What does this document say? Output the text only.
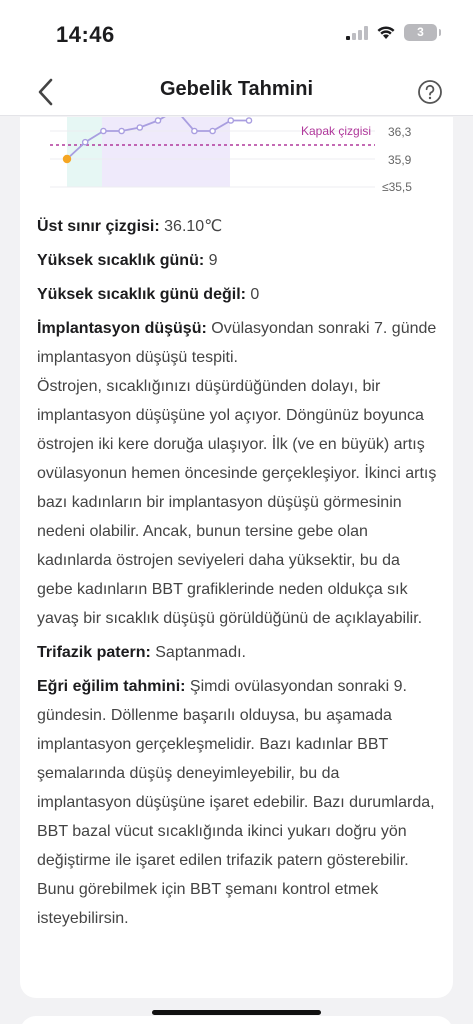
14:46	3
Gebelik Tahmini
Kapak çizgisi 36,3
35,9
≤35,5
Üst sınır çizgisi: 36.10℃
Yüksek sıcaklık günü: 9
Yüksek sıcaklık günü değil: 0

İmplantasyon düşüşü: Ovülasyondan sonraki 7. günde implantasyon düşüşü tespiti.

Östrojen, sıcaklığınızı düşürdüğünden dolayı, bir implantasyon düşüşüne yol açıyor. Döngünüz boyunca östrojen iki kere doruğa ulaşıyor. İlk (ve en büyük) artış ovülasyonun hemen öncesinde gerçekleşiyor. İkinci artış bazı kadınların bir implantasyon düşüşü görmesinin nedeni olabilir. Ancak, bunun tersine gebe olan kadınlarda östrojen seviyeleri daha yüksektir, bu da gebe kadınların BBT grafiklerinde neden oldukça sık yavaş bir sıcaklık düşüşü görüldüğünü de açıklayabilir.

Trifazik patern: Saptanmadı.

Eğri eğilim tahmini: Şimdi ovülasyondan sonraki 9. gündesin. Döllenme başarılı olduysa, bu aşamada implantasyon gerçekleşmelidir. Bazı kadınlar BBT şemalarında düşüş deneyimleyebilir, bu da implantasyon düşüşüne işaret edebilir. Bazı durumlarda, BBT bazal vücut sıcaklığında ikinci yukarı doğru yön değiştirme ile işaret edilen trifazik patern gösterebilir. Bunu görebilmek için BBT şemanı kontrol etmek isteyebilirsin.
